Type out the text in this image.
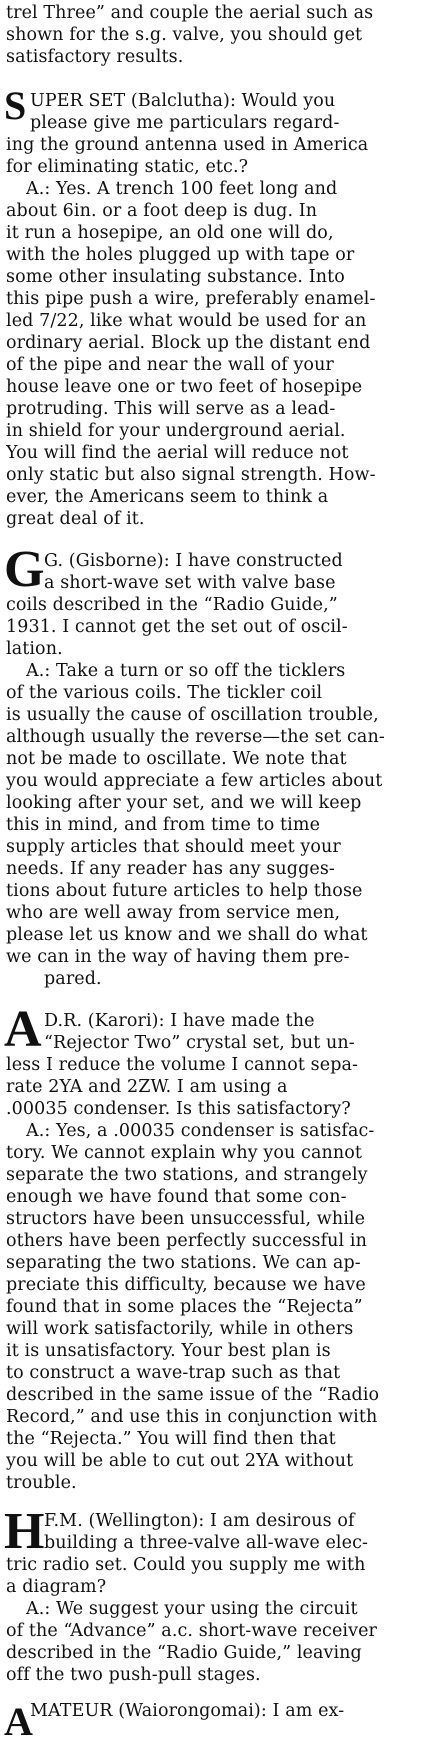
trel Three” and couple the aerial such as
shown for the s.g. valve, you should get
satisfactory results.
S UPER SET (Balclutha): Would you
please give me particulars regard-
ing the ground antenna used in America
for eliminating static, etc.?
A.: Yes. A trench 100 feet long and
about 6in. or a foot deep is dug. In
it run a hosepipe, an old one will do,
with the holes plugged up with tape or
some other insulating substance. Into
this pipe push a wire, preferably enamel-
led 7/22, like what would be used for an
ordinary aerial. Block up the distant end
of the pipe and near the wall of your
house leave one or two feet of hosepipe
protruding. This will serve as a lead-
in shield for your underground aerial.
You will find the aerial will reduce not
only static but also signal strength. How-
ever, the Americans seem to think a
great deal of it.
G G. (Gisborne): I have constructed
a short-wave set with valve base
coils described in the “Radio Guide,”
1931. I cannot get the set out of oscil-
lation.
A.: Take a turn or so off the ticklers
of the various coils. The tickler coil
is usually the cause of oscillation trouble,
although usually the reverse—the set can-
not be made to oscillate. We note that
you would appreciate a few articles about
looking after your set, and we will keep
this in mind, and from time to time
supply articles that should meet your
needs. If any reader has any sugges-
tions about future articles to help those
who are well away from service men,
please let us know and we shall do what
we can in the way of having them pre-
pared.
A D.R. (Karori): I have made the
“Rejector Two” crystal set, but un-
less I reduce the volume I cannot sepa-
rate 2YA and 2ZW. I am using a
.00035 condenser. Is this satisfactory?
A.: Yes, a .00035 condenser is satisfac-
tory. We cannot explain why you cannot
separate the two stations, and strangely
enough we have found that some con-
structors have been unsuccessful, while
others have been perfectly successful in
separating the two stations. We can ap-
preciate this difficulty, because we have
found that in some places the “Rejecta”
will work satisfactorily, while in others
it is unsatisfactory. Your best plan is
to construct a wave-trap such as that
described in the same issue of the “Radio
Record,” and use this in conjunction with
the “Rejecta.” You will find then that
you will be able to cut out 2YA without
trouble.
H F.M. (Wellington): I am desirous of
building a three-valve all-wave elec-
tric radio set. Could you supply me with
a diagram?
A.: We suggest your using the circuit
of the “Advance” a.c. short-wave receiver
described in the “Radio Guide,” leaving
off the two push-pull stages.
A
MATEUR (Waiorongomai): I am ex-
